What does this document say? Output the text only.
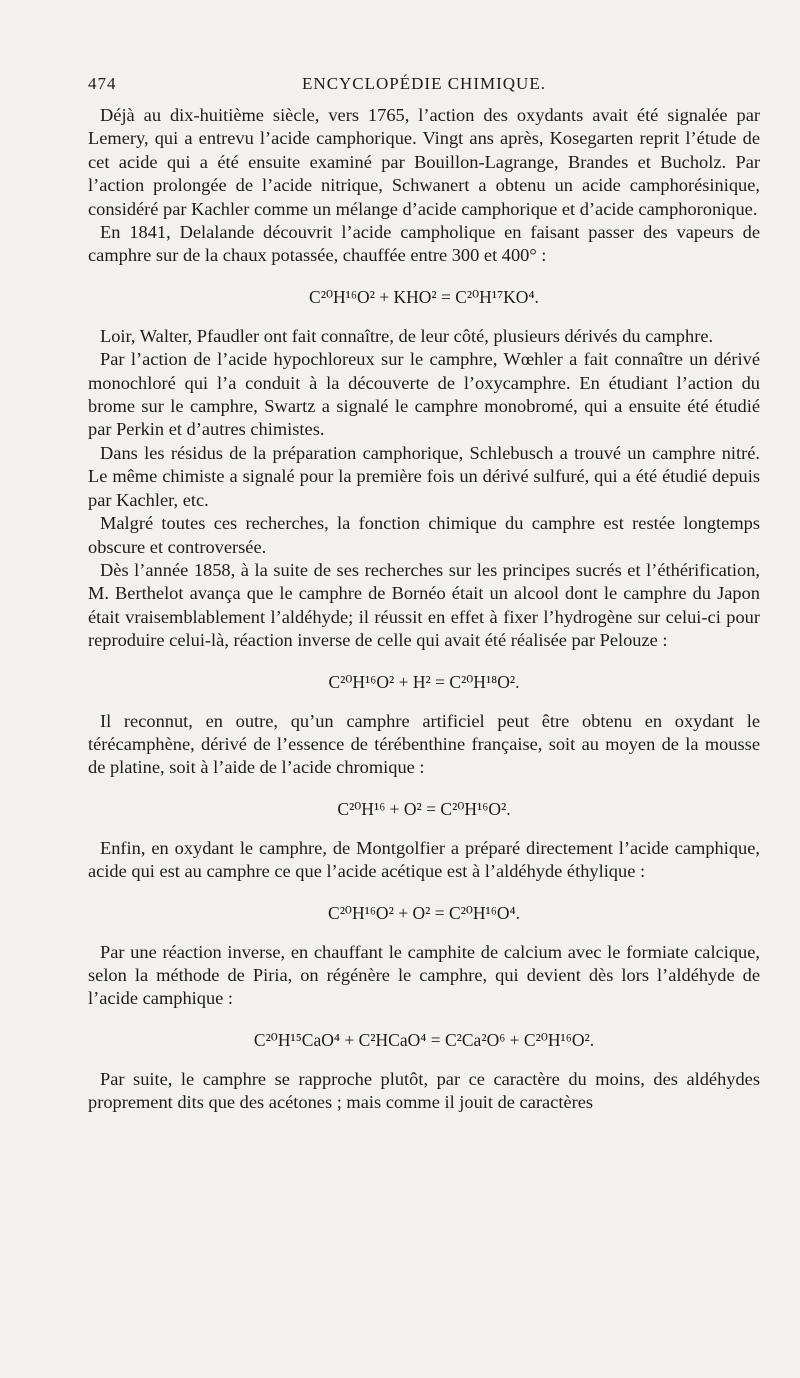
474	ENCYCLOPÉDIE CHIMIQUE.

Déjà au dix-huitième siècle, vers 1765, l’action des oxydants avait été signalée par Lemery, qui a entrevu l’acide camphorique. Vingt ans après, Kosegarten reprit l’étude de cet acide qui a été ensuite examiné par Bouillon-Lagrange, Brandes et Bucholz. Par l’action prolongée de l’acide nitrique, Schwanert a obtenu un acide camphorésinique, considéré par Kachler comme un mélange d’acide camphorique et d’acide camphoronique.

En 1841, Delalande découvrit l’acide campholique en faisant passer des vapeurs de camphre sur de la chaux potassée, chauffée entre 300 et 400° :

C²⁰H¹⁶O² + KHO² = C²⁰H¹⁷KO⁴.

Loir, Walter, Pfaudler ont fait connaître, de leur côté, plusieurs dérivés du camphre.

Par l’action de l’acide hypochloreux sur le camphre, Wœhler a fait connaître un dérivé monochloré qui l’a conduit à la découverte de l’oxycamphre. En étudiant l’action du brome sur le camphre, Swartz a signalé le camphre monobromé, qui a ensuite été étudié par Perkin et d’autres chimistes.

Dans les résidus de la préparation camphorique, Schlebusch a trouvé un camphre nitré. Le même chimiste a signalé pour la première fois un dérivé sulfuré, qui a été étudié depuis par Kachler, etc.

Malgré toutes ces recherches, la fonction chimique du camphre est restée longtemps obscure et controversée.

Dès l’année 1858, à la suite de ses recherches sur les principes sucrés et l’éthérification, M. Berthelot avança que le camphre de Bornéo était un alcool dont le camphre du Japon était vraisemblablement l’aldéhyde; il réussit en effet à fixer l’hydrogène sur celui-ci pour reproduire celui-là, réaction inverse de celle qui avait été réalisée par Pelouze :

C²⁰H¹⁶O² + H² = C²⁰H¹⁸O².

Il reconnut, en outre, qu’un camphre artificiel peut être obtenu en oxydant le térécamphène, dérivé de l’essence de térébenthine française, soit au moyen de la mousse de platine, soit à l’aide de l’acide chromique :

C²⁰H¹⁶ + O² = C²⁰H¹⁶O².

Enfin, en oxydant le camphre, de Montgolfier a préparé directement l’acide camphique, acide qui est au camphre ce que l’acide acétique est à l’aldéhyde éthylique :

C²⁰H¹⁶O² + O² = C²⁰H¹⁶O⁴.

Par une réaction inverse, en chauffant le camphite de calcium avec le formiate calcique, selon la méthode de Piria, on régénère le camphre, qui devient dès lors l’aldéhyde de l’acide camphique :

C²⁰H¹⁵CaO⁴ + C²HCaO⁴ = C²Ca²O⁶ + C²⁰H¹⁶O².

Par suite, le camphre se rapproche plutôt, par ce caractère du moins, des aldéhydes proprement dits que des acétones ; mais comme il jouit de caractères
